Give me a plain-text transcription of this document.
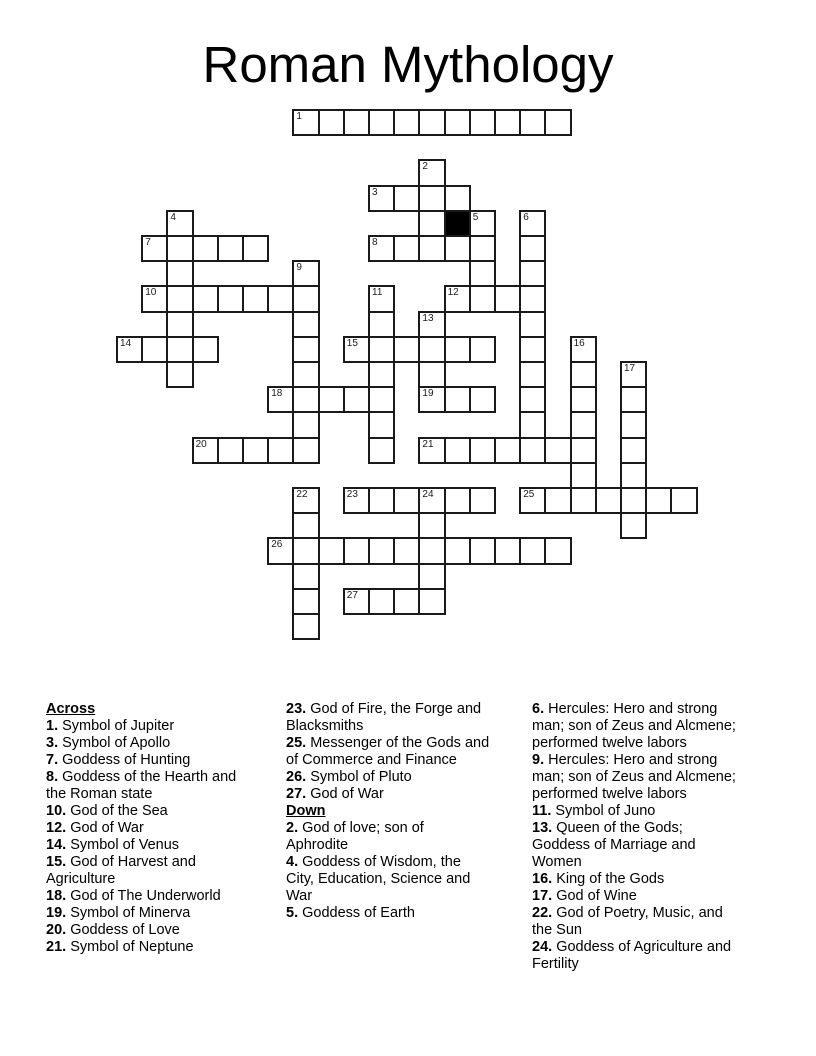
Roman Mythology
1
2
3
4	5	6
7	8
9
10	11	12
13
14	15	16
17
18	19
20	21
22	23	24	25
26
27
Across
1. Symbol of Jupiter
3. Symbol of Apollo
7. Goddess of Hunting
8. Goddess of the Hearth and
the Roman state
10. God of the Sea
12. God of War
14. Symbol of Venus
15. God of Harvest and
Agriculture
18. God of The Underworld
19. Symbol of Minerva
20. Goddess of Love
21. Symbol of Neptune
23. God of Fire, the Forge and
Blacksmiths
25. Messenger of the Gods and
of Commerce and Finance
26. Symbol of Pluto
27. God of War
Down
2. God of love; son of
Aphrodite
4. Goddess of Wisdom, the
City, Education, Science and
War
5. Goddess of Earth
6. Hercules: Hero and strong
man; son of Zeus and Alcmene;
performed twelve labors
9. Hercules: Hero and strong
man; son of Zeus and Alcmene;
performed twelve labors
11. Symbol of Juno
13. Queen of the Gods;
Goddess of Marriage and
Women
16. King of the Gods
17. God of Wine
22. God of Poetry, Music, and
the Sun
24. Goddess of Agriculture and
Fertility
